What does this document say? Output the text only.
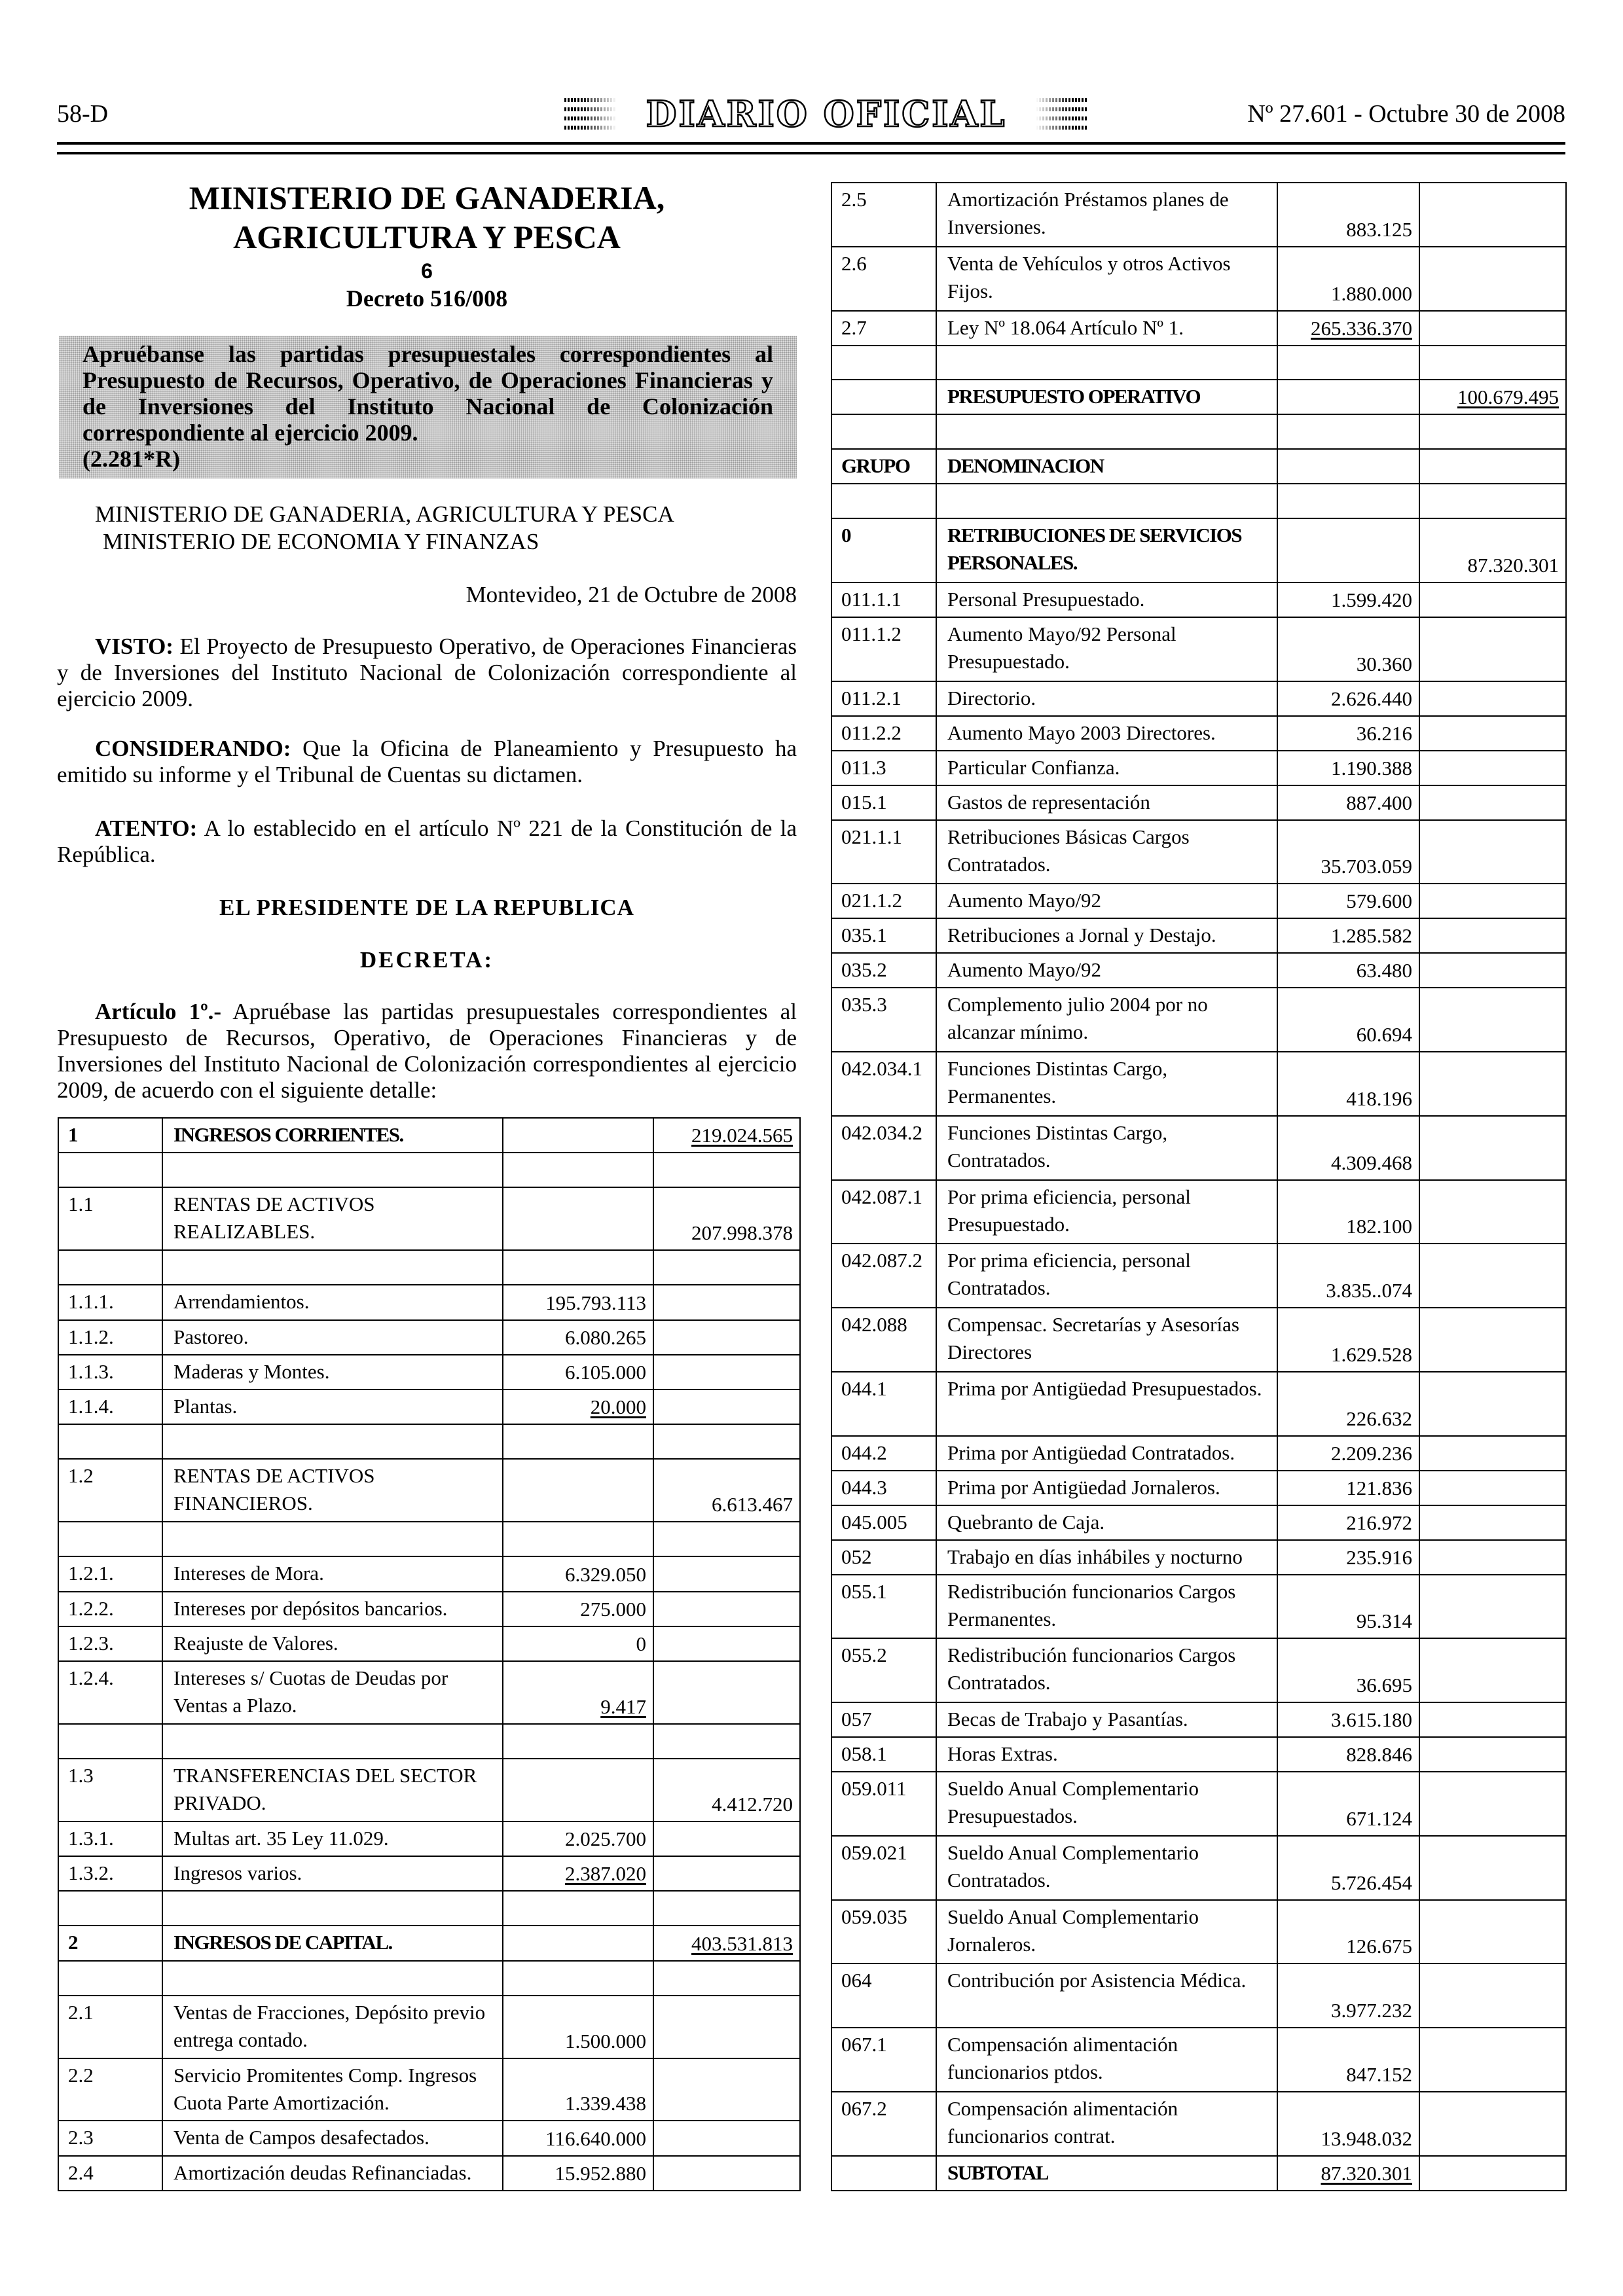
58-D	DIARIO OFICIAL	Nº 27.601 - Octubre 30 de 2008
MINISTERIO DE GANADERIA,
AGRICULTURA Y PESCA
6
Decreto 516/008

Apruébanse las partidas presupuestales correspondientes al Presupuesto de Recursos, Operativo, de Operaciones Financieras y de Inversiones del Instituto Nacional de Colonización correspondiente al ejercicio 2009.

(2.281*R)

MINISTERIO DE GANADERIA, AGRICULTURA Y PESCA
MINISTERIO DE ECONOMIA Y FINANZAS
Montevideo, 21 de Octubre de 2008

VISTO: El Proyecto de Presupuesto Operativo, de Operaciones Financieras y de Inversiones del Instituto Nacional de Colonización correspondiente al ejercicio 2009.

CONSIDERANDO: Que la Oficina de Planeamiento y Presupuesto ha emitido su informe y el Tribunal de Cuentas su dictamen.

ATENTO: A lo establecido en el artículo Nº 221 de la Constitución de la República.

EL PRESIDENTE DE LA REPUBLICA
DECRETA:

Artículo 1º.- Apruébase las partidas presupuestales correspondientes al Presupuesto de Recursos, Operativo, de Operaciones Financieras y de Inversiones del Instituto Nacional de Colonización correspondientes al ejercicio 2009, de acuerdo con el siguiente detalle:

1	INGRESOS CORRIENTES.		219.024.565

1.1	RENTAS DE ACTIVOS REALIZABLES.		207.998.378

1.1.1.	Arrendamientos.	195.793.113	
1.1.2.	Pastoreo.	6.080.265	
1.1.3.	Maderas y Montes.	6.105.000	
1.1.4.	Plantas.	20.000	

1.2	RENTAS DE ACTIVOS FINANCIEROS.		6.613.467

1.2.1.	Intereses de Mora.	6.329.050	
1.2.2.	Intereses por depósitos bancarios.	275.000	
1.2.3.	Reajuste de Valores.	0	
1.2.4.	Intereses s/ Cuotas de Deudas por Ventas a Plazo.	9.417	

1.3	TRANSFERENCIAS DEL SECTOR PRIVADO.		4.412.720
1.3.1.	Multas art. 35 Ley 11.029.	2.025.700	
1.3.2.	Ingresos varios.	2.387.020	

2	INGRESOS DE CAPITAL.		403.531.813

2.1	Ventas de Fracciones, Depósito previo entrega contado.	1.500.000	
2.2	Servicio Promitentes Comp. Ingresos Cuota Parte Amortización.	1.339.438	
2.3	Venta de Campos desafectados.	116.640.000	
2.4	Amortización deudas Refinanciadas.	15.952.880	
2.5	Amortización Préstamos planes de Inversiones.	883.125	
2.6	Venta de Vehículos y otros Activos Fijos.	1.880.000	
2.7	Ley Nº 18.064 Artículo Nº 1.	265.336.370	

	PRESUPUESTO OPERATIVO		100.679.495

GRUPO	DENOMINACION		

0	RETRIBUCIONES DE SERVICIOS PERSONALES.		87.320.301
011.1.1	Personal Presupuestado.	1.599.420	
011.1.2	Aumento Mayo/92 Personal Presupuestado.	30.360	
011.2.1	Directorio.	2.626.440	
011.2.2	Aumento Mayo 2003 Directores.	36.216	
011.3	Particular Confianza.	1.190.388	
015.1	Gastos de representación	887.400	
021.1.1	Retribuciones Básicas Cargos Contratados.	35.703.059	
021.1.2	Aumento Mayo/92	579.600	
035.1	Retribuciones a Jornal y Destajo.	1.285.582	
035.2	Aumento Mayo/92	63.480	
035.3	Complemento julio 2004 por no alcanzar mínimo.	60.694	
042.034.1	Funciones Distintas Cargo, Permanentes.	418.196	
042.034.2	Funciones Distintas Cargo, Contratados.	4.309.468	
042.087.1	Por prima eficiencia, personal Presupuestado.	182.100	
042.087.2	Por prima eficiencia, personal Contratados.	3.835..074	
042.088	Compensac. Secretarías y Asesorías Directores	1.629.528	
044.1	Prima por Antigüedad Presupuestados.	226.632	
044.2	Prima por Antigüedad Contratados.	2.209.236	
044.3	Prima por Antigüedad Jornaleros.	121.836	
045.005	Quebranto de Caja.	216.972	
052	Trabajo en días inhábiles y nocturno	235.916	
055.1	Redistribución funcionarios Cargos Permanentes.	95.314	
055.2	Redistribución funcionarios Cargos Contratados.	36.695	
057	Becas de Trabajo y Pasantías.	3.615.180	
058.1	Horas Extras.	828.846	
059.011	Sueldo Anual Complementario Presupuestados.	671.124	
059.021	Sueldo Anual Complementario Contratados.	5.726.454	
059.035	Sueldo Anual Complementario Jornaleros.	126.675	
064	Contribución por Asistencia Médica.	3.977.232	
067.1	Compensación alimentación funcionarios ptdos.	847.152	
067.2	Compensación alimentación funcionarios contrat.	13.948.032	
	SUBTOTAL	87.320.301	
